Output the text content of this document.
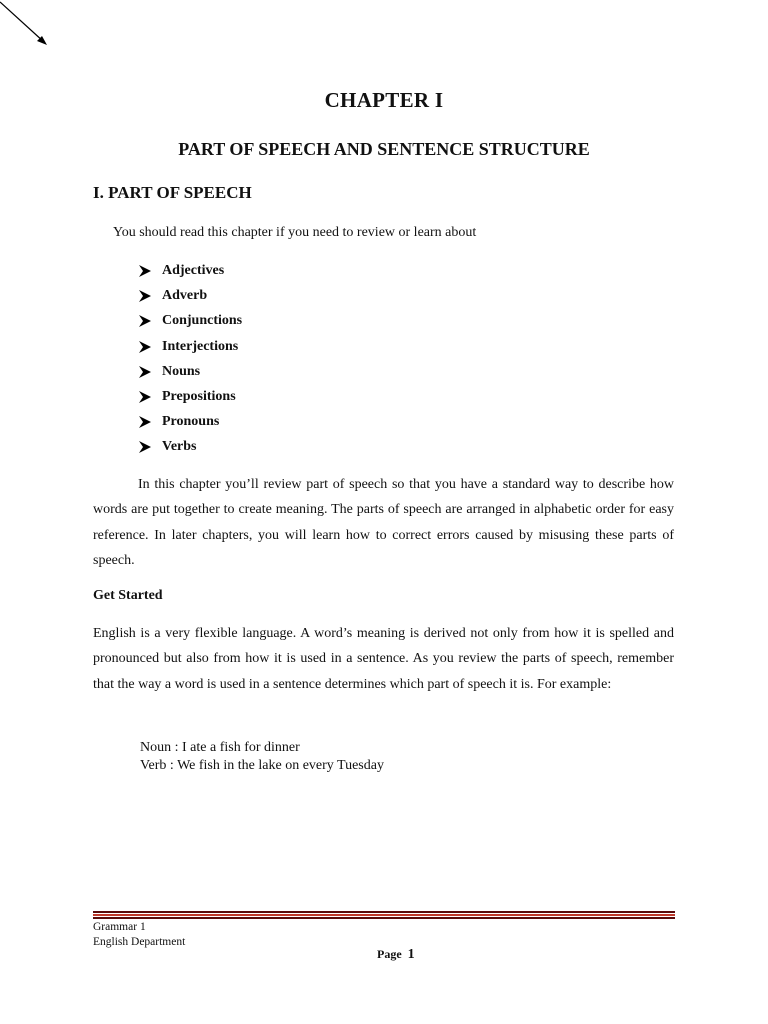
CHAPTER I
PART OF SPEECH AND SENTENCE STRUCTURE
I. PART OF SPEECH
You should read this chapter if you need to review or learn about
Adjectives
Adverb
Conjunctions
Interjections
Nouns
Prepositions
Pronouns
Verbs

In this chapter you’ll review part of speech so that you have a standard way to describe how words are put together to create meaning. The parts of speech are arranged in alphabetic order for easy reference. In later chapters, you will learn how to correct errors caused by misusing these parts of speech.

Get Started

English is a very flexible language. A word’s meaning is derived not only from how it is spelled and pronounced but also from how it is used in a sentence. As you review the parts of speech, remember that the way a word is used in a sentence determines which part of speech it is. For example:

Noun : I ate a fish for dinner
Verb : We fish in the lake on every Tuesday
Grammar 1
English Department
Page 1
